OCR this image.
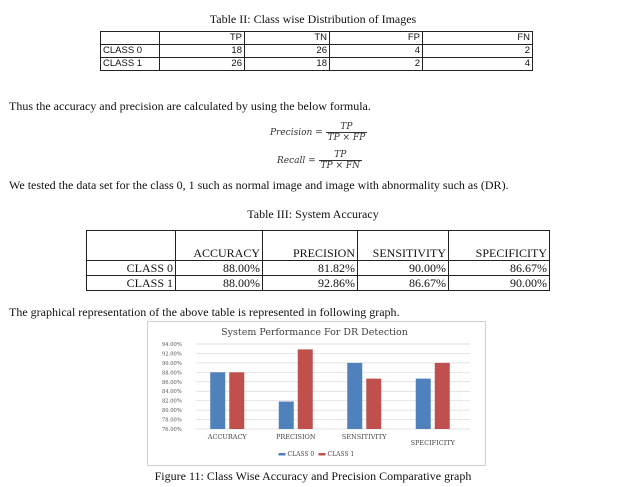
Table II: Class wise Distribution of Images
	TP	TN	FP	FN
CLASS 0	18	26	4	2
CLASS 1	26	18	2	4
Thus the accuracy and precision are calculated by using the below formula.
Precision = $\frac{TP}{TP \times FP}$
Recall = $\frac{TP}{TP \times FN}$
We tested the data set for the class 0, 1 such as normal image and image with abnormality such as (DR).
Table III: System Accuracy
	ACCURACY	PRECISION	SENSITIVITY	SPECIFICITY
CLASS 0	88.00%	81.82%	90.00%	86.67%
CLASS 1	88.00%	92.86%	86.67%	90.00%
The graphical representation of the above table is represented in following graph.
System Performance For DR Detection
76.00%
78.00%
80.00%
82.00%
84.00%
86.00%
88.00%
90.00%
92.00%
94.00%
ACCURACY	PRECISION	SENSITIVITY
SPECIFICITY
CLASS 0 CLASS 1
Figure 11: Class Wise Accuracy and Precision Comparative graph
